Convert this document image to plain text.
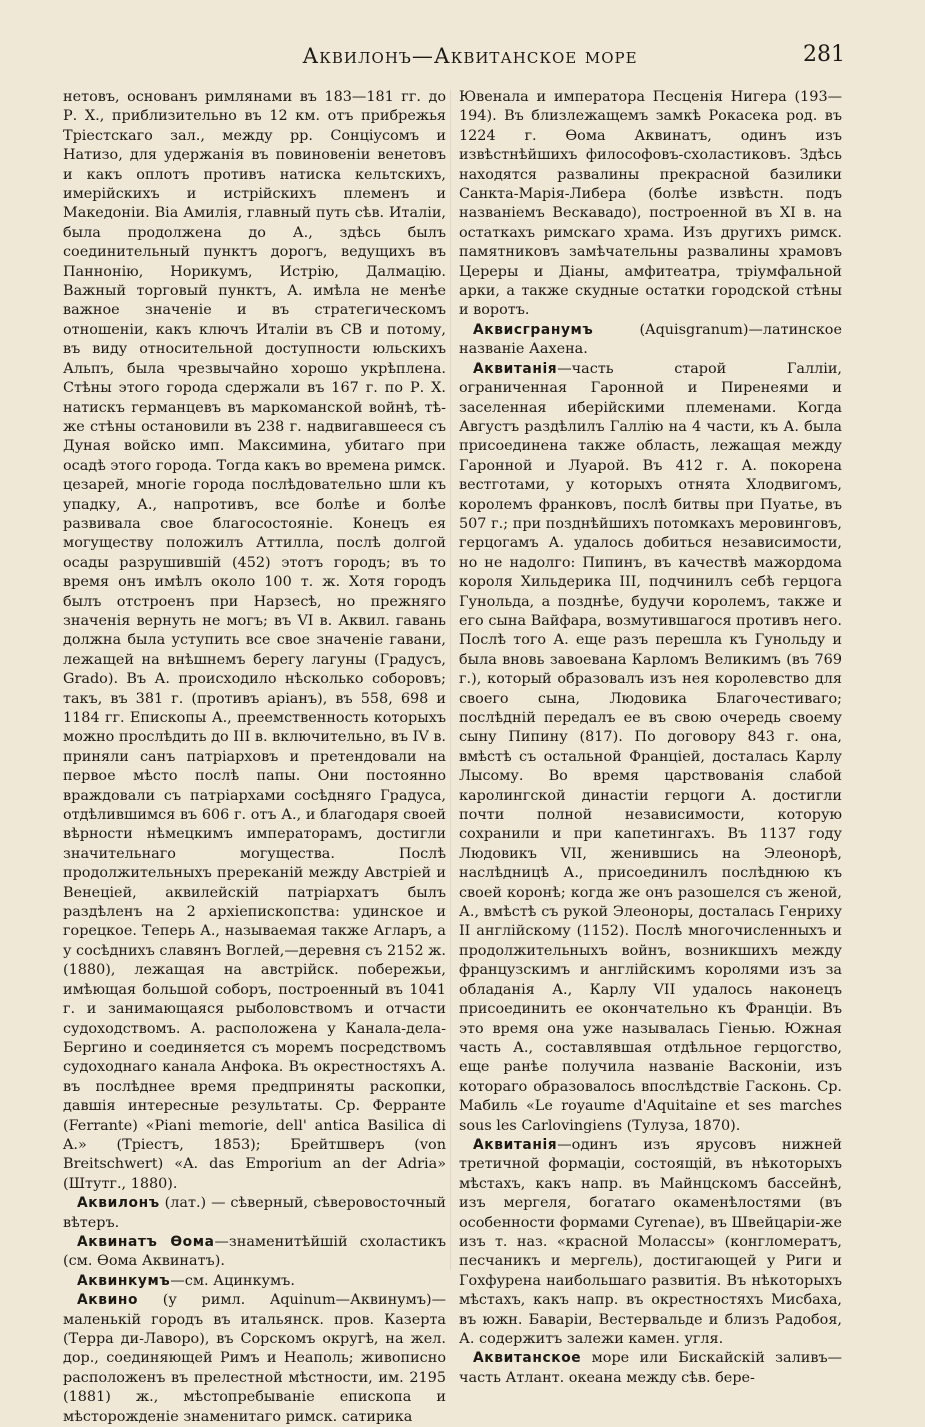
Аквилонъ—Аквитанское море	281

нетовъ, основанъ римлянами въ 183—181 гг. до Р. Х., приблизительно въ 12 км. отъ прибрежья Тріестскаго зал., между рр. Сонціусомъ и Натизо, для удержанія въ повиновеніи венетовъ и какъ оплотъ противъ натиска кельтскихъ, имерійскихъ и истрійскихъ племенъ и Македоніи. Віа Амилія, главный путь сѣв. Италіи, была продолжена до А., здѣсь былъ соединительный пунктъ дорогъ, ведущихъ въ Паннонію, Норикумъ, Истрію, Далмацію. Важный торговый пунктъ, А. имѣла не менѣе важное значеніе и въ стратегическомъ отношеніи, какъ ключъ Италіи въ СВ и потому, въ виду относительной доступности юльскихъ Альпъ, была чрезвычайно хорошо укрѣплена. Стѣны этого города сдержали въ 167 г. по Р. Х. натискъ германцевъ въ маркоманской войнѣ, тѣ-же стѣны остановили въ 238 г. надвигавшееся съ Дуная войско имп. Максимина, убитаго при осадѣ этого города. Тогда какъ во времена римск. цезарей, многіе города послѣдовательно шли къ упадку, А., напротивъ, все болѣе и болѣе развивала свое благосостояніе. Конецъ ея могуществу положилъ Аттилла, послѣ долгой осады разрушившій (452) этотъ городъ; въ то время онъ имѣлъ около 100 т. ж. Хотя городъ былъ отстроенъ при Нарзесѣ, но прежняго значенія вернуть не могъ; въ VI в. Аквил. гавань должна была уступить все свое значеніе гавани, лежащей на внѣшнемъ берегу лагуны (Градусъ, Grado). Въ А. происходило нѣсколько соборовъ; такъ, въ 381 г. (противъ аріанъ), въ 558, 698 и 1184 гг. Епископы А., преемственность которыхъ можно прослѣдить до III в. включительно, въ IV в. приняли санъ патріарховъ и претендовали на первое мѣсто послѣ папы. Они постоянно враждовали съ патріархами сосѣдняго Градуса, отдѣлившимся въ 606 г. отъ А., и благодаря своей вѣрности нѣмецкимъ императорамъ, достигли значительнаго могущества. Послѣ продолжительныхъ пререканій между Австріей и Венеціей, аквилейскій патріархатъ былъ раздѣленъ на 2 архіепископства: удинское и горецкое. Теперь А., называемая также Агларъ, а у сосѣднихъ славянъ Воглей,—деревня съ 2152 ж. (1880), лежащая на австрійск. побережьи, имѣющая большой соборъ, построенный въ 1041 г. и занимающаяся рыболовствомъ и отчасти судоходствомъ. А. расположена у Канала-дела-Бергино и соединяется съ моремъ посредствомъ судоходнаго канала Анфока. Въ окрестностяхъ А. въ послѣднее время предприняты раскопки, давшія интересные результаты. Ср. Феррантe (Ferrante) «Piani memorie, dell' antica Basilica di A.» (Тріестъ, 1853); Брейтшверъ (von Breitschwert) «A. das Emporium an der Adria» (Штутг., 1880).

Аквилонъ (лат.) — сѣверный, сѣверовосточный вѣтеръ.

Аквинатъ Ѳома—знаменитѣйшій схоластикъ (см. Ѳома Аквинатъ).

Аквинкумъ—см. Ацинкумъ.

Аквино (у римл. Aquinum—Аквинумъ)—маленькій городъ въ итальянск. пров. Казерта (Терра ди-Лаворо), въ Сорскомъ округѣ, на жел. дор., соединяющей Римъ и Неаполь; живописно расположенъ въ прелестной мѣстности, им. 2195 (1881) ж., мѣстопребываніе епископа и мѣсторожденіе знаменитаго римск. сатирика

Ювенала и императора Песценія Нигера (193—194). Въ близлежащемъ замкѣ Рокасека род. въ 1224 г. Ѳома Аквинатъ, одинъ изъ извѣстнѣйшихъ философовъ-схоластиковъ. Здѣсь находятся развалины прекрасной базилики Санкта-Марія-Либера (болѣе извѣстн. подъ названіемъ Вескавадо), построенной въ XI в. на остаткахъ римскаго храма. Изъ другихъ римск. памятниковъ замѣчательны развалины храмовъ Цереры и Діаны, амфитеатра, тріумфальной арки, а также скудные остатки городской стѣны и воротъ.

Аквисгранумъ (Aquisgranum)—латинское названіе Аахена.

Аквитанія—часть старой Галліи, ограниченная Гаронной и Пиренеями и заселенная иберійскими племенами. Когда Августъ раздѣлилъ Галлію на 4 части, къ А. была присоединена также область, лежащая между Гаронной и Луарой. Въ 412 г. А. покорена вестготами, у которыхъ отнята Хлодвигомъ, королемъ франковъ, послѣ битвы при Пуатье, въ 507 г.; при позднѣйшихъ потомкахъ меровинговъ, герцогамъ А. удалось добиться независимости, но не надолго: Пипинъ, въ качествѣ мажордома короля Хильдерика III, подчинилъ себѣ герцога Гунольда, а позднѣе, будучи королемъ, также и его сына Вайфара, возмутившагося противъ него. Послѣ того А. еще разъ перешла къ Гунольду и была вновь завоевана Карломъ Великимъ (въ 769 г.), который образовалъ изъ нея королевство для своего сына, Людовика Благочестиваго; послѣдній передалъ ее въ свою очередь своему сыну Пипину (817). По договору 843 г. она, вмѣстѣ съ остальной Франціей, досталась Карлу Лысому. Во время царствованія слабой каролингской династіи герцоги А. достигли почти полной независимости, которую сохранили и при капетингахъ. Въ 1137 году Людовикъ VII, женившись на Элеонорѣ, наслѣдницѣ А., присоединилъ послѣднюю къ своей коронѣ; когда же онъ разошелся съ женой, А., вмѣстѣ съ рукой Элеоноры, досталась Генриху II англійскому (1152). Послѣ многочисленныхъ и продолжительныхъ войнъ, возникшихъ между французскимъ и англійскимъ королями изъ за обладанія А., Карлу VII удалось наконецъ присоединить ее окончательно къ Франціи. Въ это время она уже называлась Гіенью. Южная часть А., составлявшая отдѣльное герцогство, еще ранѣе получила названіе Васконіи, изъ котораго образовалось впослѣдствіе Гасконь. Ср. Мабиль «Le royaume d'Aquitaine et ses marches sous les Carlovingiens (Тулуза, 1870).

Аквитанія—одинъ изъ ярусовъ нижней третичной формаціи, состоящій, въ нѣкоторыхъ мѣстахъ, какъ напр. въ Майнцскомъ бассейнѣ, изъ мергеля, богатаго окаменѣлостями (въ особенности формами Cyrenae), въ Швейцаріи-же изъ т. наз. «красной Молассы» (конгломератъ, песчаникъ и мергель), достигающей у Риги и Гохфурена наибольшаго развитія. Въ нѣкоторыхъ мѣстахъ, какъ напр. въ окрестностяхъ Мисбаха, въ южн. Баваріи, Вестервальде и близъ Радобоя, А. содержитъ залежи камен. угля.

Аквитанское море или Бискайскій заливъ—часть Атлант. океана между сѣв. бере-
